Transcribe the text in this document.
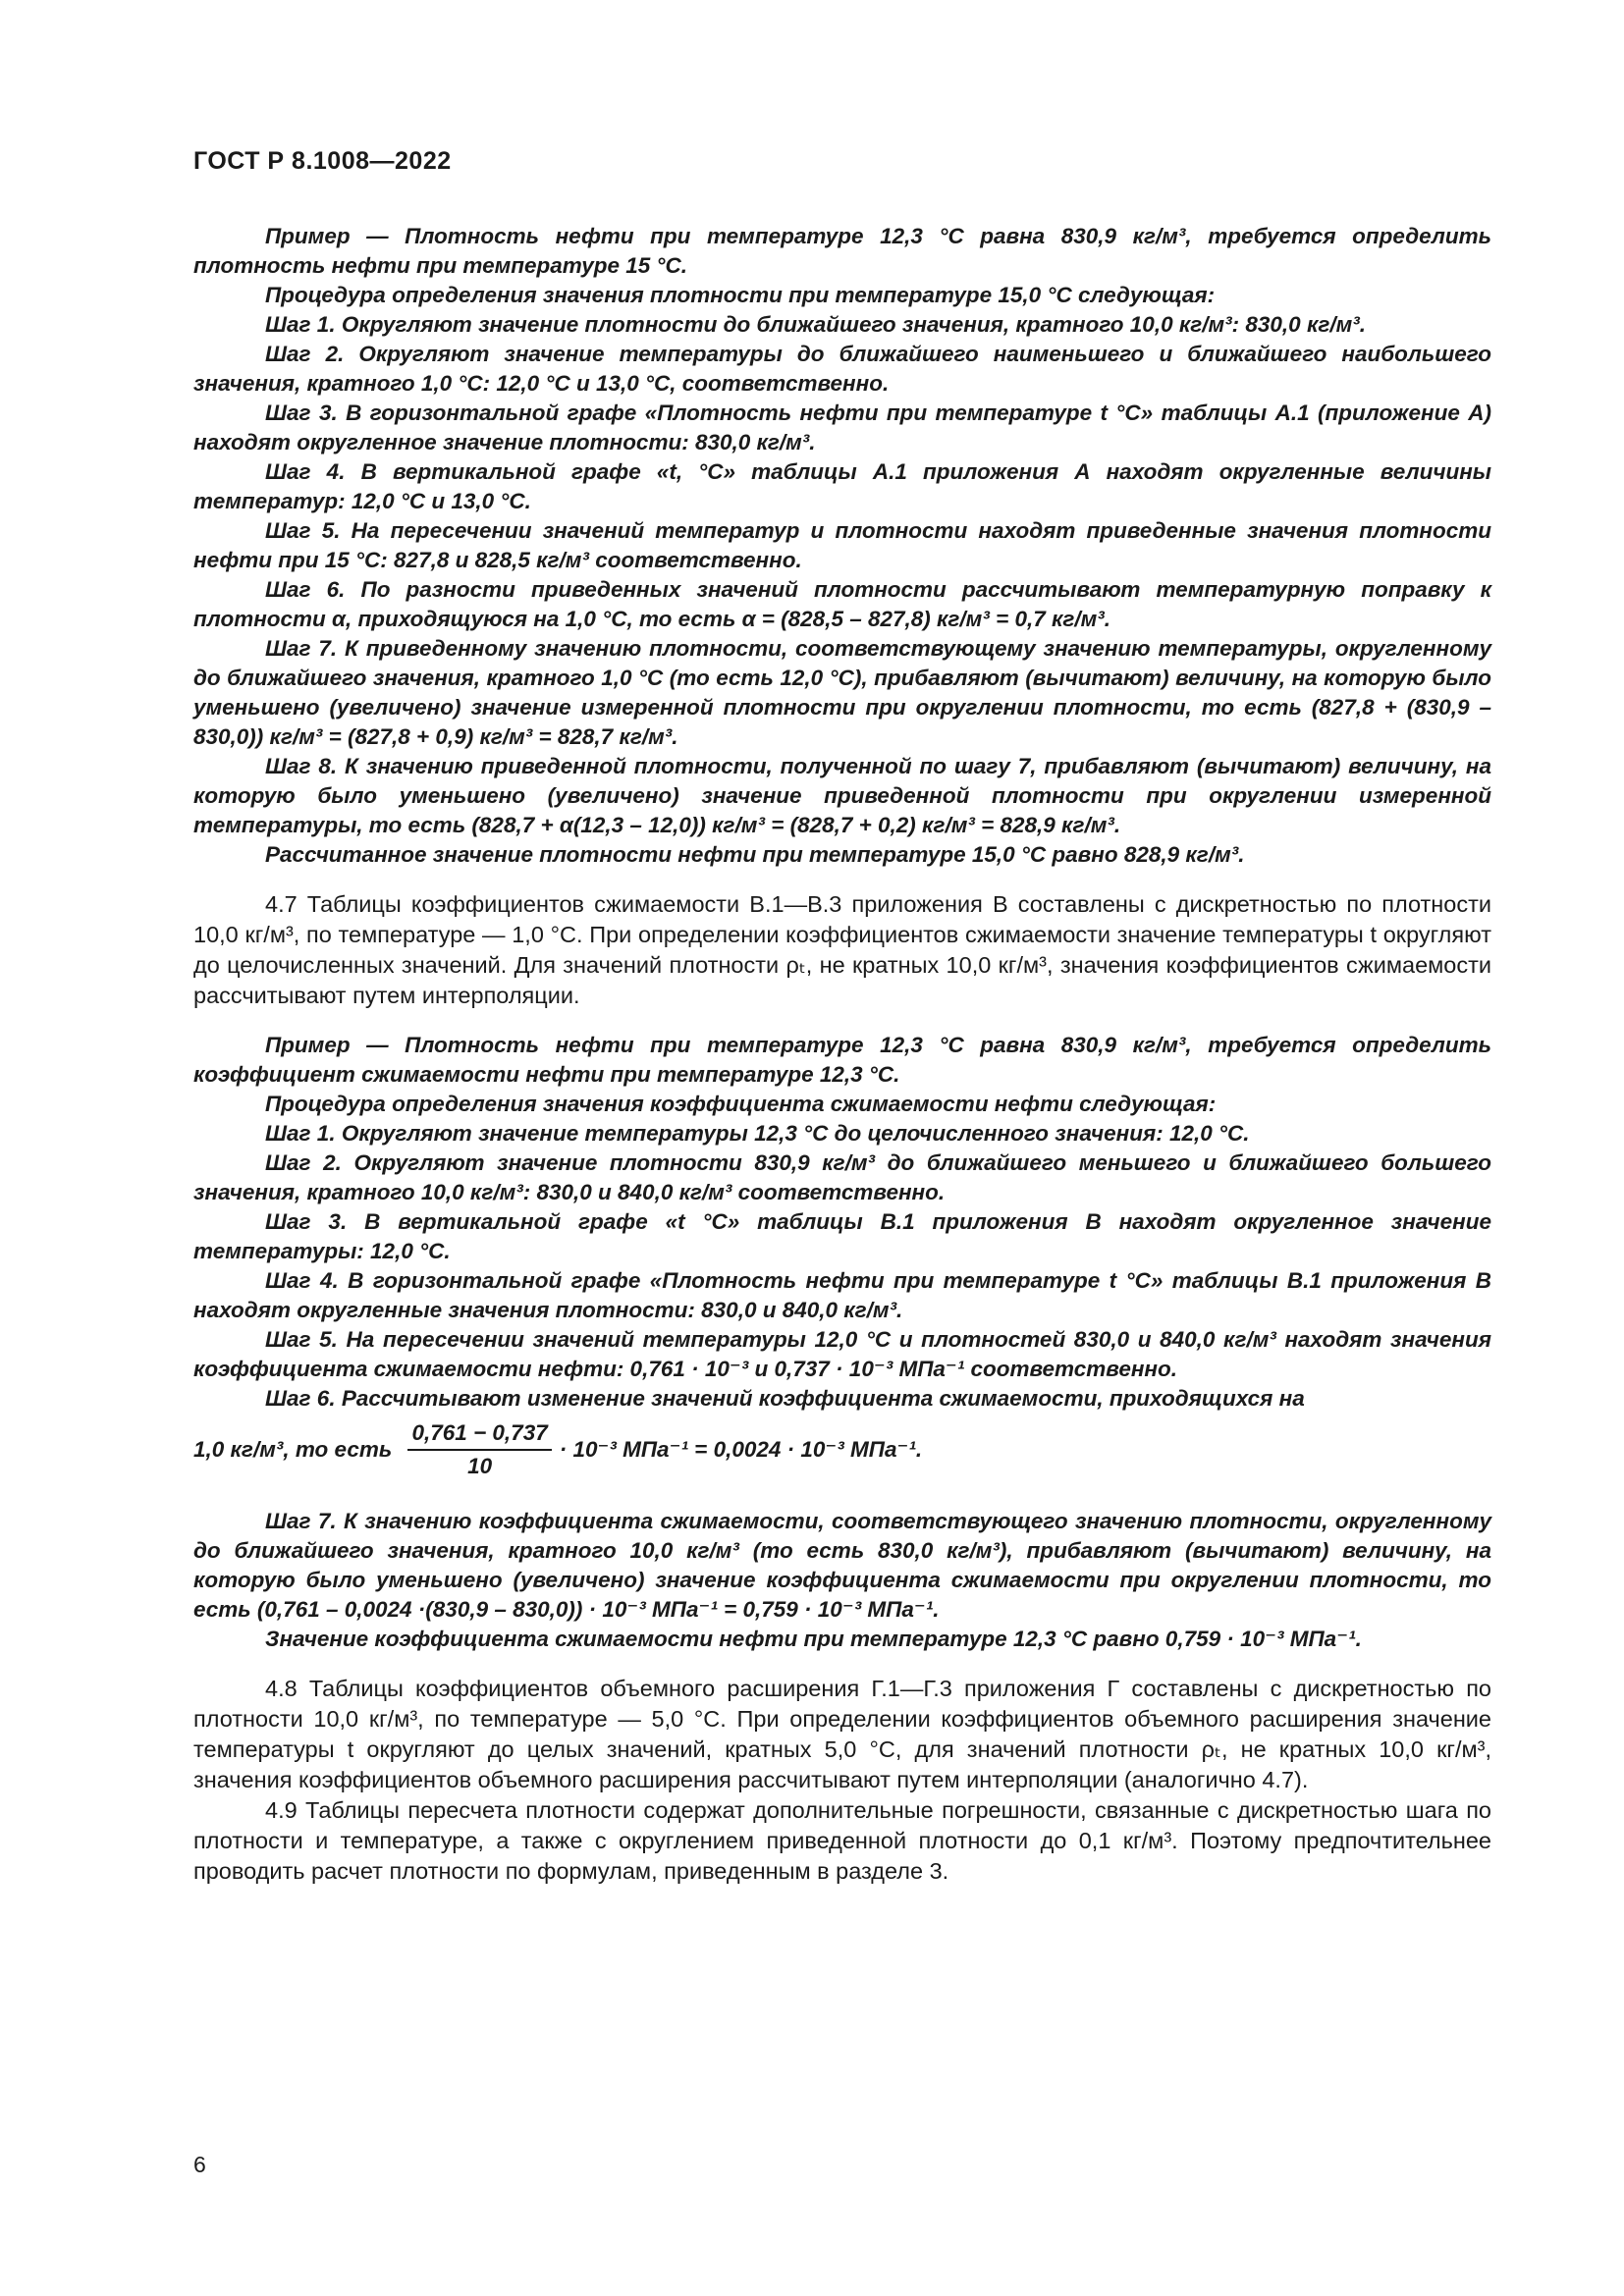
ГОСТ Р 8.1008—2022

Пример — Плотность нефти при температуре 12,3 °С равна 830,9 кг/м³, требуется определить плотность нефти при температуре 15 °С.

Процедура определения значения плотности при температуре 15,0 °С следующая:

Шаг 1. Округляют значение плотности до ближайшего значения, кратного 10,0 кг/м³: 830,0 кг/м³.

Шаг 2. Округляют значение температуры до ближайшего наименьшего и ближайшего наибольшего значения, кратного 1,0 °С: 12,0 °С и 13,0 °С, соответственно.

Шаг 3. В горизонтальной графе «Плотность нефти при температуре t °С» таблицы А.1 (приложение А) находят округленное значение плотности: 830,0 кг/м³.

Шаг 4. В вертикальной графе «t, °С» таблицы А.1 приложения А находят округленные величины температур: 12,0 °С и 13,0 °С.

Шаг 5. На пересечении значений температур и плотности находят приведенные значения плотности нефти при 15 °С: 827,8 и 828,5 кг/м³ соответственно.

Шаг 6. По разности приведенных значений плотности рассчитывают температурную поправку к плотности α, приходящуюся на 1,0 °С, то есть α = (828,5 – 827,8) кг/м³ = 0,7 кг/м³.

Шаг 7. К приведенному значению плотности, соответствующему значению температуры, округленному до ближайшего значения, кратного 1,0 °С (то есть 12,0 °С), прибавляют (вычитают) величину, на которую было уменьшено (увеличено) значение измеренной плотности при округлении плотности, то есть (827,8 + (830,9 – 830,0)) кг/м³ = (827,8 + 0,9) кг/м³ = 828,7 кг/м³.

Шаг 8. К значению приведенной плотности, полученной по шагу 7, прибавляют (вычитают) величину, на которую было уменьшено (увеличено) значение приведенной плотности при округлении измеренной температуры, то есть (828,7 + α(12,3 – 12,0)) кг/м³ = (828,7 + 0,2) кг/м³ = 828,9 кг/м³.

Рассчитанное значение плотности нефти при температуре 15,0 °С равно 828,9 кг/м³.

4.7 Таблицы коэффициентов сжимаемости В.1—В.3 приложения В составлены с дискретностью по плотности 10,0 кг/м³, по температуре — 1,0 °С. При определении коэффициентов сжимаемости значение температуры t округляют до целочисленных значений. Для значений плотности ρₜ, не кратных 10,0 кг/м³, значения коэффициентов сжимаемости рассчитывают путем интерполяции.

Пример — Плотность нефти при температуре 12,3 °С равна 830,9 кг/м³, требуется определить коэффициент сжимаемости нефти при температуре 12,3 °С.

Процедура определения значения коэффициента сжимаемости нефти следующая:

Шаг 1. Округляют значение температуры 12,3 °С до целочисленного значения: 12,0 °С.

Шаг 2. Округляют значение плотности 830,9 кг/м³ до ближайшего меньшего и ближайшего большего значения, кратного 10,0 кг/м³: 830,0 и 840,0 кг/м³ соответственно.

Шаг 3. В вертикальной графе «t °С» таблицы В.1 приложения В находят округленное значение температуры: 12,0 °С.

Шаг 4. В горизонтальной графе «Плотность нефти при температуре t °С» таблицы В.1 приложения В находят округленные значения плотности: 830,0 и 840,0 кг/м³.

Шаг 5. На пересечении значений температуры 12,0 °С и плотностей 830,0 и 840,0 кг/м³ находят значения коэффициента сжимаемости нефти: 0,761 · 10⁻³ и 0,737 · 10⁻³ МПа⁻¹ соответственно.

Шаг 6. Рассчитывают изменение значений коэффициента сжимаемости, приходящихся на

1,0 кг/м³, то есть $\frac{0,761 - 0,737}{10} \cdot 10^{-3}$ МПа⁻¹ = 0,0024 · 10⁻³ МПа⁻¹.

Шаг 7. К значению коэффициента сжимаемости, соответствующего значению плотности, округленному до ближайшего значения, кратного 10,0 кг/м³ (то есть 830,0 кг/м³), прибавляют (вычитают) величину, на которую было уменьшено (увеличено) значение коэффициента сжимаемости при округлении плотности, то есть (0,761 – 0,0024 ·(830,9 – 830,0)) · 10⁻³ МПа⁻¹ = 0,759 · 10⁻³ МПа⁻¹.

Значение коэффициента сжимаемости нефти при температуре 12,3 °С равно 0,759 · 10⁻³ МПа⁻¹.

4.8 Таблицы коэффициентов объемного расширения Г.1—Г.3 приложения Г составлены с дискретностью по плотности 10,0 кг/м³, по температуре — 5,0 °С. При определении коэффициентов объемного расширения значение температуры t округляют до целых значений, кратных 5,0 °С, для значений плотности ρₜ, не кратных 10,0 кг/м³, значения коэффициентов объемного расширения рассчитывают путем интерполяции (аналогично 4.7).

4.9 Таблицы пересчета плотности содержат дополнительные погрешности, связанные с дискретностью шага по плотности и температуре, а также с округлением приведенной плотности до 0,1 кг/м³. Поэтому предпочтительнее проводить расчет плотности по формулам, приведенным в разделе 3.

6
